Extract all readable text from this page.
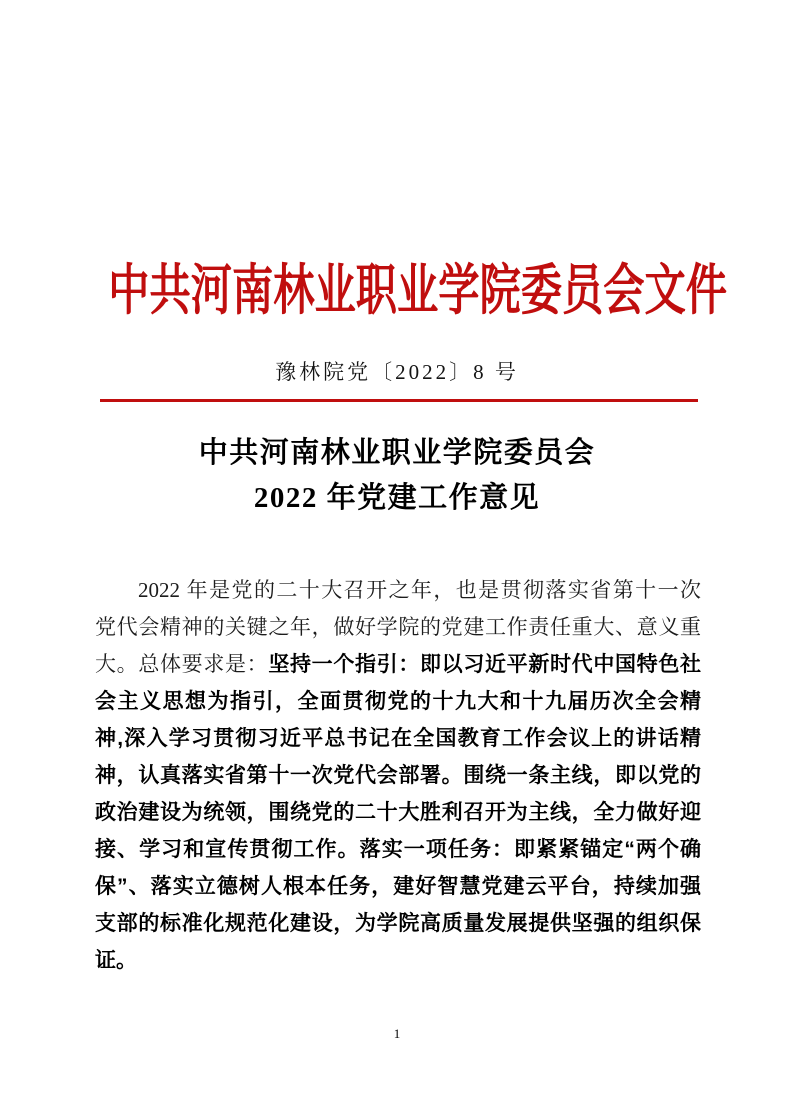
中共河南林业职业学院委员会文件
豫林院党〔2022〕8 号
中共河南林业职业学院委员会
2022 年党建工作意见
2022 年是党的二十大召开之年，也是贯彻落实省第十一次
党代会精神的关键之年，做好学院的党建工作责任重大、意义重
大。总体要求是：坚持一个指引：即以习近平新时代中国特色社
会主义思想为指引，全面贯彻党的十九大和十九届历次全会精
神,深入学习贯彻习近平总书记在全国教育工作会议上的讲话精
神，认真落实省第十一次党代会部署。围绕一条主线，即以党的
政治建设为统领，围绕党的二十大胜利召开为主线，全力做好迎
接、学习和宣传贯彻工作。落实一项任务：即紧紧锚定“两个确
保”、落实立德树人根本任务，建好智慧党建云平台，持续加强
支部的标准化规范化建设，为学院高质量发展提供坚强的组织保
证。
1
